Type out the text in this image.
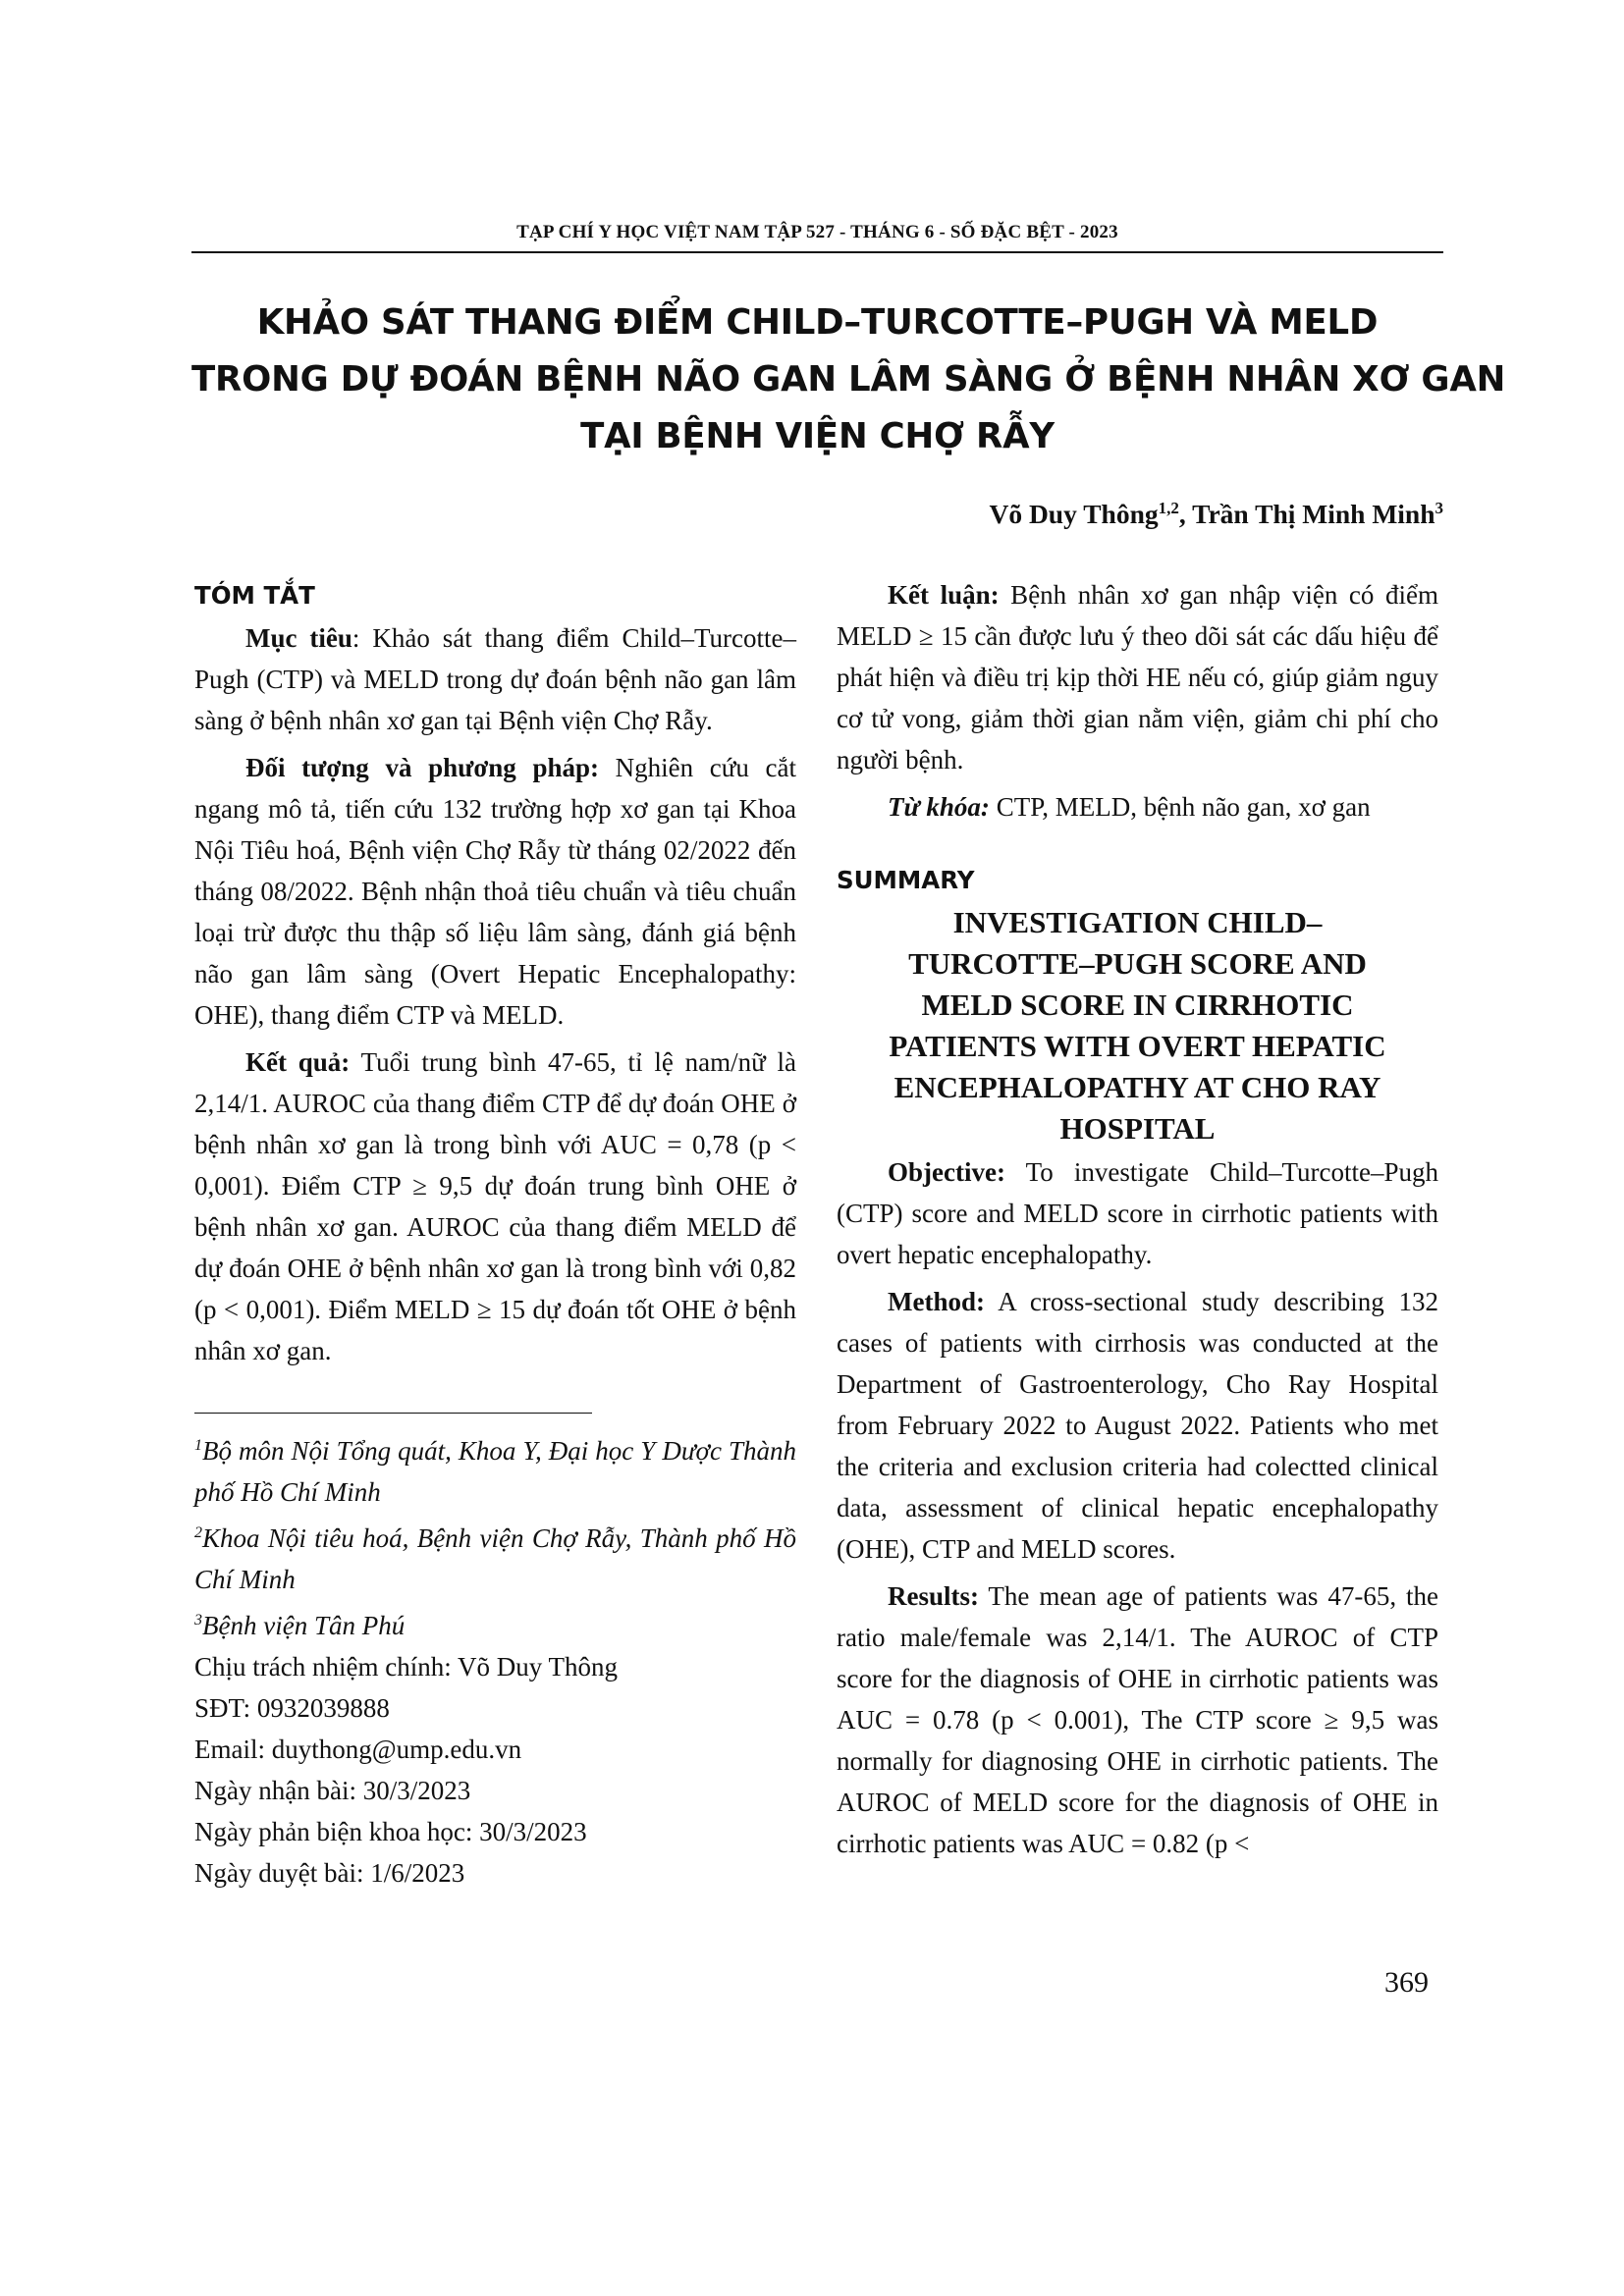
TẠP CHÍ Y HỌC VIỆT NAM TẬP 527 - THÁNG 6 - SỐ ĐẶC BỆT - 2023
KHẢO SÁT THANG ĐIỂM CHILD–TURCOTTE–PUGH VÀ MELD
TRONG DỰ ĐOÁN BỆNH NÃO GAN LÂM SÀNG Ở BỆNH NHÂN XƠ GAN
TẠI BỆNH VIỆN CHỢ RẪY
Võ Duy Thông$^{1,2}$, Trần Thị Minh Minh$^3$
TÓM TẮT

Mục tiêu: Khảo sát thang điểm Child–Turcotte–Pugh (CTP) và MELD trong dự đoán bệnh não gan lâm sàng ở bệnh nhân xơ gan tại Bệnh viện Chợ Rẫy.

Đối tượng và phương pháp: Nghiên cứu cắt ngang mô tả, tiến cứu 132 trường hợp xơ gan tại Khoa Nội Tiêu hoá, Bệnh viện Chợ Rẫy từ tháng 02/2022 đến tháng 08/2022. Bệnh nhận thoả tiêu chuẩn và tiêu chuẩn loại trừ được thu thập số liệu lâm sàng, đánh giá bệnh não gan lâm sàng (Overt Hepatic Encephalopathy: OHE), thang điểm CTP và MELD.

Kết quả: Tuổi trung bình 47-65, tỉ lệ nam/nữ là 2,14/1. AUROC của thang điểm CTP để dự đoán OHE ở bệnh nhân xơ gan là trong bình với AUC = 0,78 (p < 0,001). Điểm CTP ≥ 9,5 dự đoán trung bình OHE ở bệnh nhân xơ gan. AUROC của thang điểm MELD để dự đoán OHE ở bệnh nhân xơ gan là trong bình với 0,82 (p < 0,001). Điểm MELD ≥ 15 dự đoán tốt OHE ở bệnh nhân xơ gan.

$^1$Bộ môn Nội Tổng quát, Khoa Y, Đại học Y Dược Thành phố Hồ Chí Minh

$^2$Khoa Nội tiêu hoá, Bệnh viện Chợ Rẫy, Thành phố Hồ Chí Minh

$^3$Bệnh viện Tân Phú

Chịu trách nhiệm chính: Võ Duy Thông

SĐT: 0932039888

Email: duythong@ump.edu.vn

Ngày nhận bài: 30/3/2023

Ngày phản biện khoa học: 30/3/2023

Ngày duyệt bài: 1/6/2023

Kết luận: Bệnh nhân xơ gan nhập viện có điểm MELD ≥ 15 cần được lưu ý theo dõi sát các dấu hiệu để phát hiện và điều trị kịp thời HE nếu có, giúp giảm nguy cơ tử vong, giảm thời gian nằm viện, giảm chi phí cho người bệnh.

Từ khóa: CTP, MELD, bệnh não gan, xơ gan

SUMMARY
INVESTIGATION CHILD–
TURCOTTE–PUGH SCORE AND
MELD SCORE IN CIRRHOTIC
PATIENTS WITH OVERT HEPATIC
ENCEPHALOPATHY AT CHO RAY
HOSPITAL

Objective: To investigate Child–Turcotte–Pugh (CTP) score and MELD score in cirrhotic patients with overt hepatic encephalopathy.

Method: A cross-sectional study describing 132 cases of patients with cirrhosis was conducted at the Department of Gastroenterology, Cho Ray Hospital from February 2022 to August 2022. Patients who met the criteria and exclusion criteria had colectted clinical data, assessment of clinical hepatic encephalopathy (OHE), CTP and MELD scores.

Results: The mean age of patients was 47-65, the ratio male/female was 2,14/1. The AUROC of CTP score for the diagnosis of OHE in cirrhotic patients was AUC = 0.78 (p < 0.001), The CTP score ≥ 9,5 was normally for diagnosing OHE in cirrhotic patients. The AUROC of MELD score for the diagnosis of OHE in cirrhotic patients was AUC = 0.82 (p <

369
